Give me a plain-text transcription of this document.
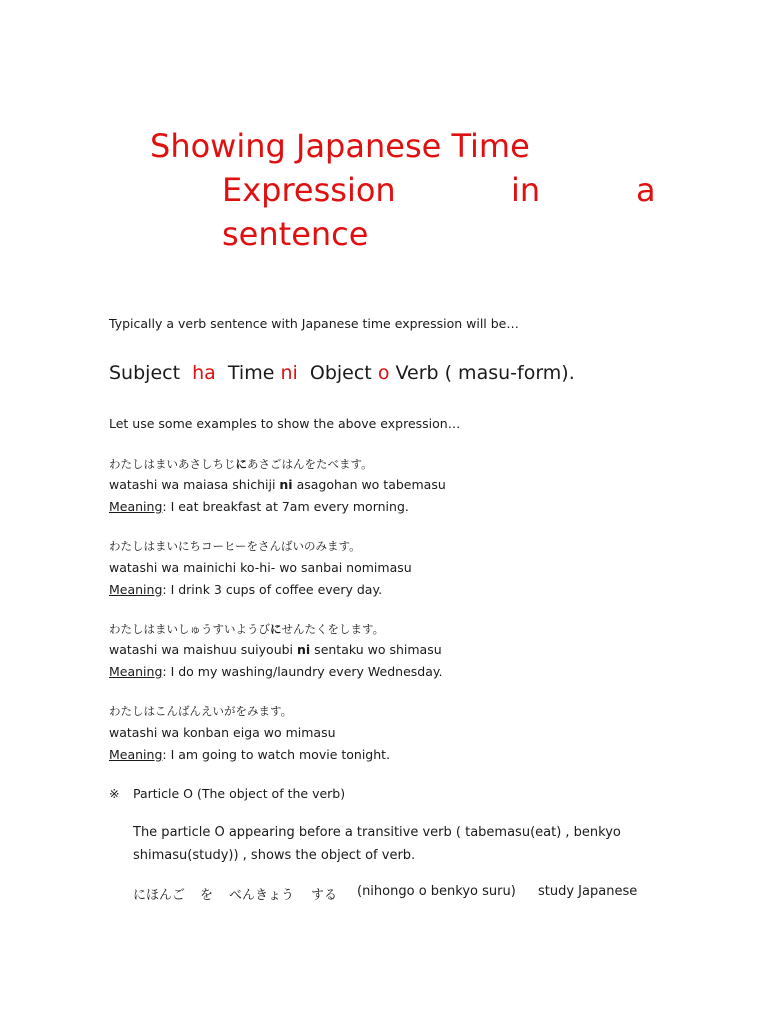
Showing Japanese Time
Expression	in	a
sentence
Typically a verb sentence with Japanese time expression will be…
Subject ha Time ni Object o Verb ( masu-form).
Let use some examples to show the above expression…
わたしはまいあさしちじにあさごはんをたべます。
watashi wa maiasa shichiji ni asagohan wo tabemasu
Meaning: I eat breakfast at 7am every morning.
わたしはまいにちコーヒーをさんばいのみます。
watashi wa mainichi ko-hi- wo sanbai nomimasu
Meaning: I drink 3 cups of coffee every day.
わたしはまいしゅうすいようびにせんたくをします。
watashi wa maishuu suiyoubi ni sentaku wo shimasu
Meaning: I do my washing/laundry every Wednesday.
わたしはこんばんえいがをみます。
watashi wa konban eiga wo mimasu
Meaning: I am going to watch movie tonight.
※ Particle O (The object of the verb)
The particle O appearing before a transitive verb ( tabemasu(eat) , benkyo shimasu(study)) , shows the object of verb.
にほんご を べんきょう する (nihongo o benkyo suru) study Japanese
